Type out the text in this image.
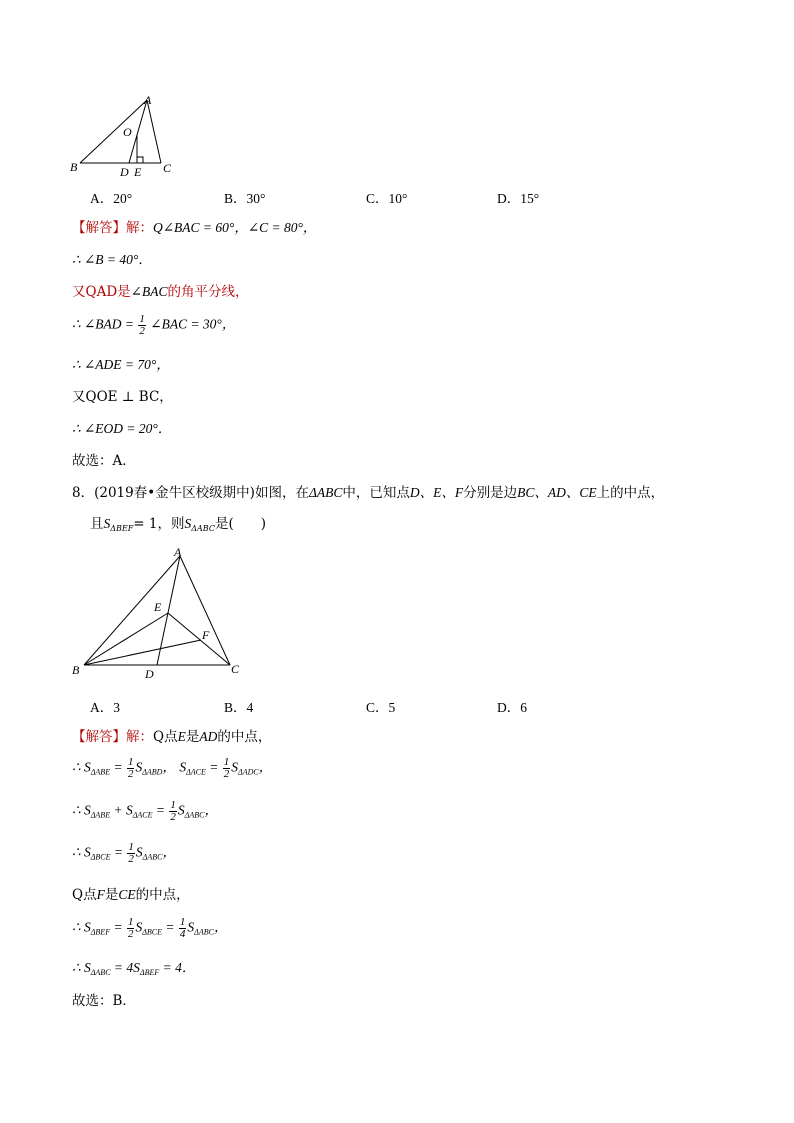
A
B	C
D E
O
A．20°	B．30°	C．10°	D．15°
【解答】解：Q∠BAC = 60°，∠C = 80°，
∴ ∠B = 40°．
又QAD是∠BAC的角平分线，
∴ ∠BAD = $\frac{1}{2}$ ∠BAC = 30°，
∴ ∠ADE = 70°，
又QOE ⊥ BC，
∴ ∠EOD = 20°．
故选：A．
8．(2019春•金牛区校级期中)如图，在ΔABC中，已知点D、E、F分别是边BC、AD、CE上的中点，
且$S_{\Delta BEF}= 1$，则$S_{\Delta ABC}$是(　　)
A
B	C
D
E
F
A．3	B．4	C．5	D．6
【解答】解：Q点E是AD的中点，
∴ $S_{\Delta ABE} = \frac{1}{2} S_{\Delta ABD}$， $S_{\Delta ACE} = \frac{1}{2} S_{\Delta ADC}$，
∴ $S_{\Delta ABE} + S_{\Delta ACE} = \frac{1}{2} S_{\Delta ABC}$，
∴ $S_{\Delta BCE} = \frac{1}{2} S_{\Delta ABC}$，
Q点F是CE的中点，
∴ $S_{\Delta BEF} = \frac{1}{2} S_{\Delta BCE} = \frac{1}{4} S_{\Delta ABC}$，
∴ $S_{\Delta ABC} = 4S_{\Delta BEF} = 4$．
故选：B．
